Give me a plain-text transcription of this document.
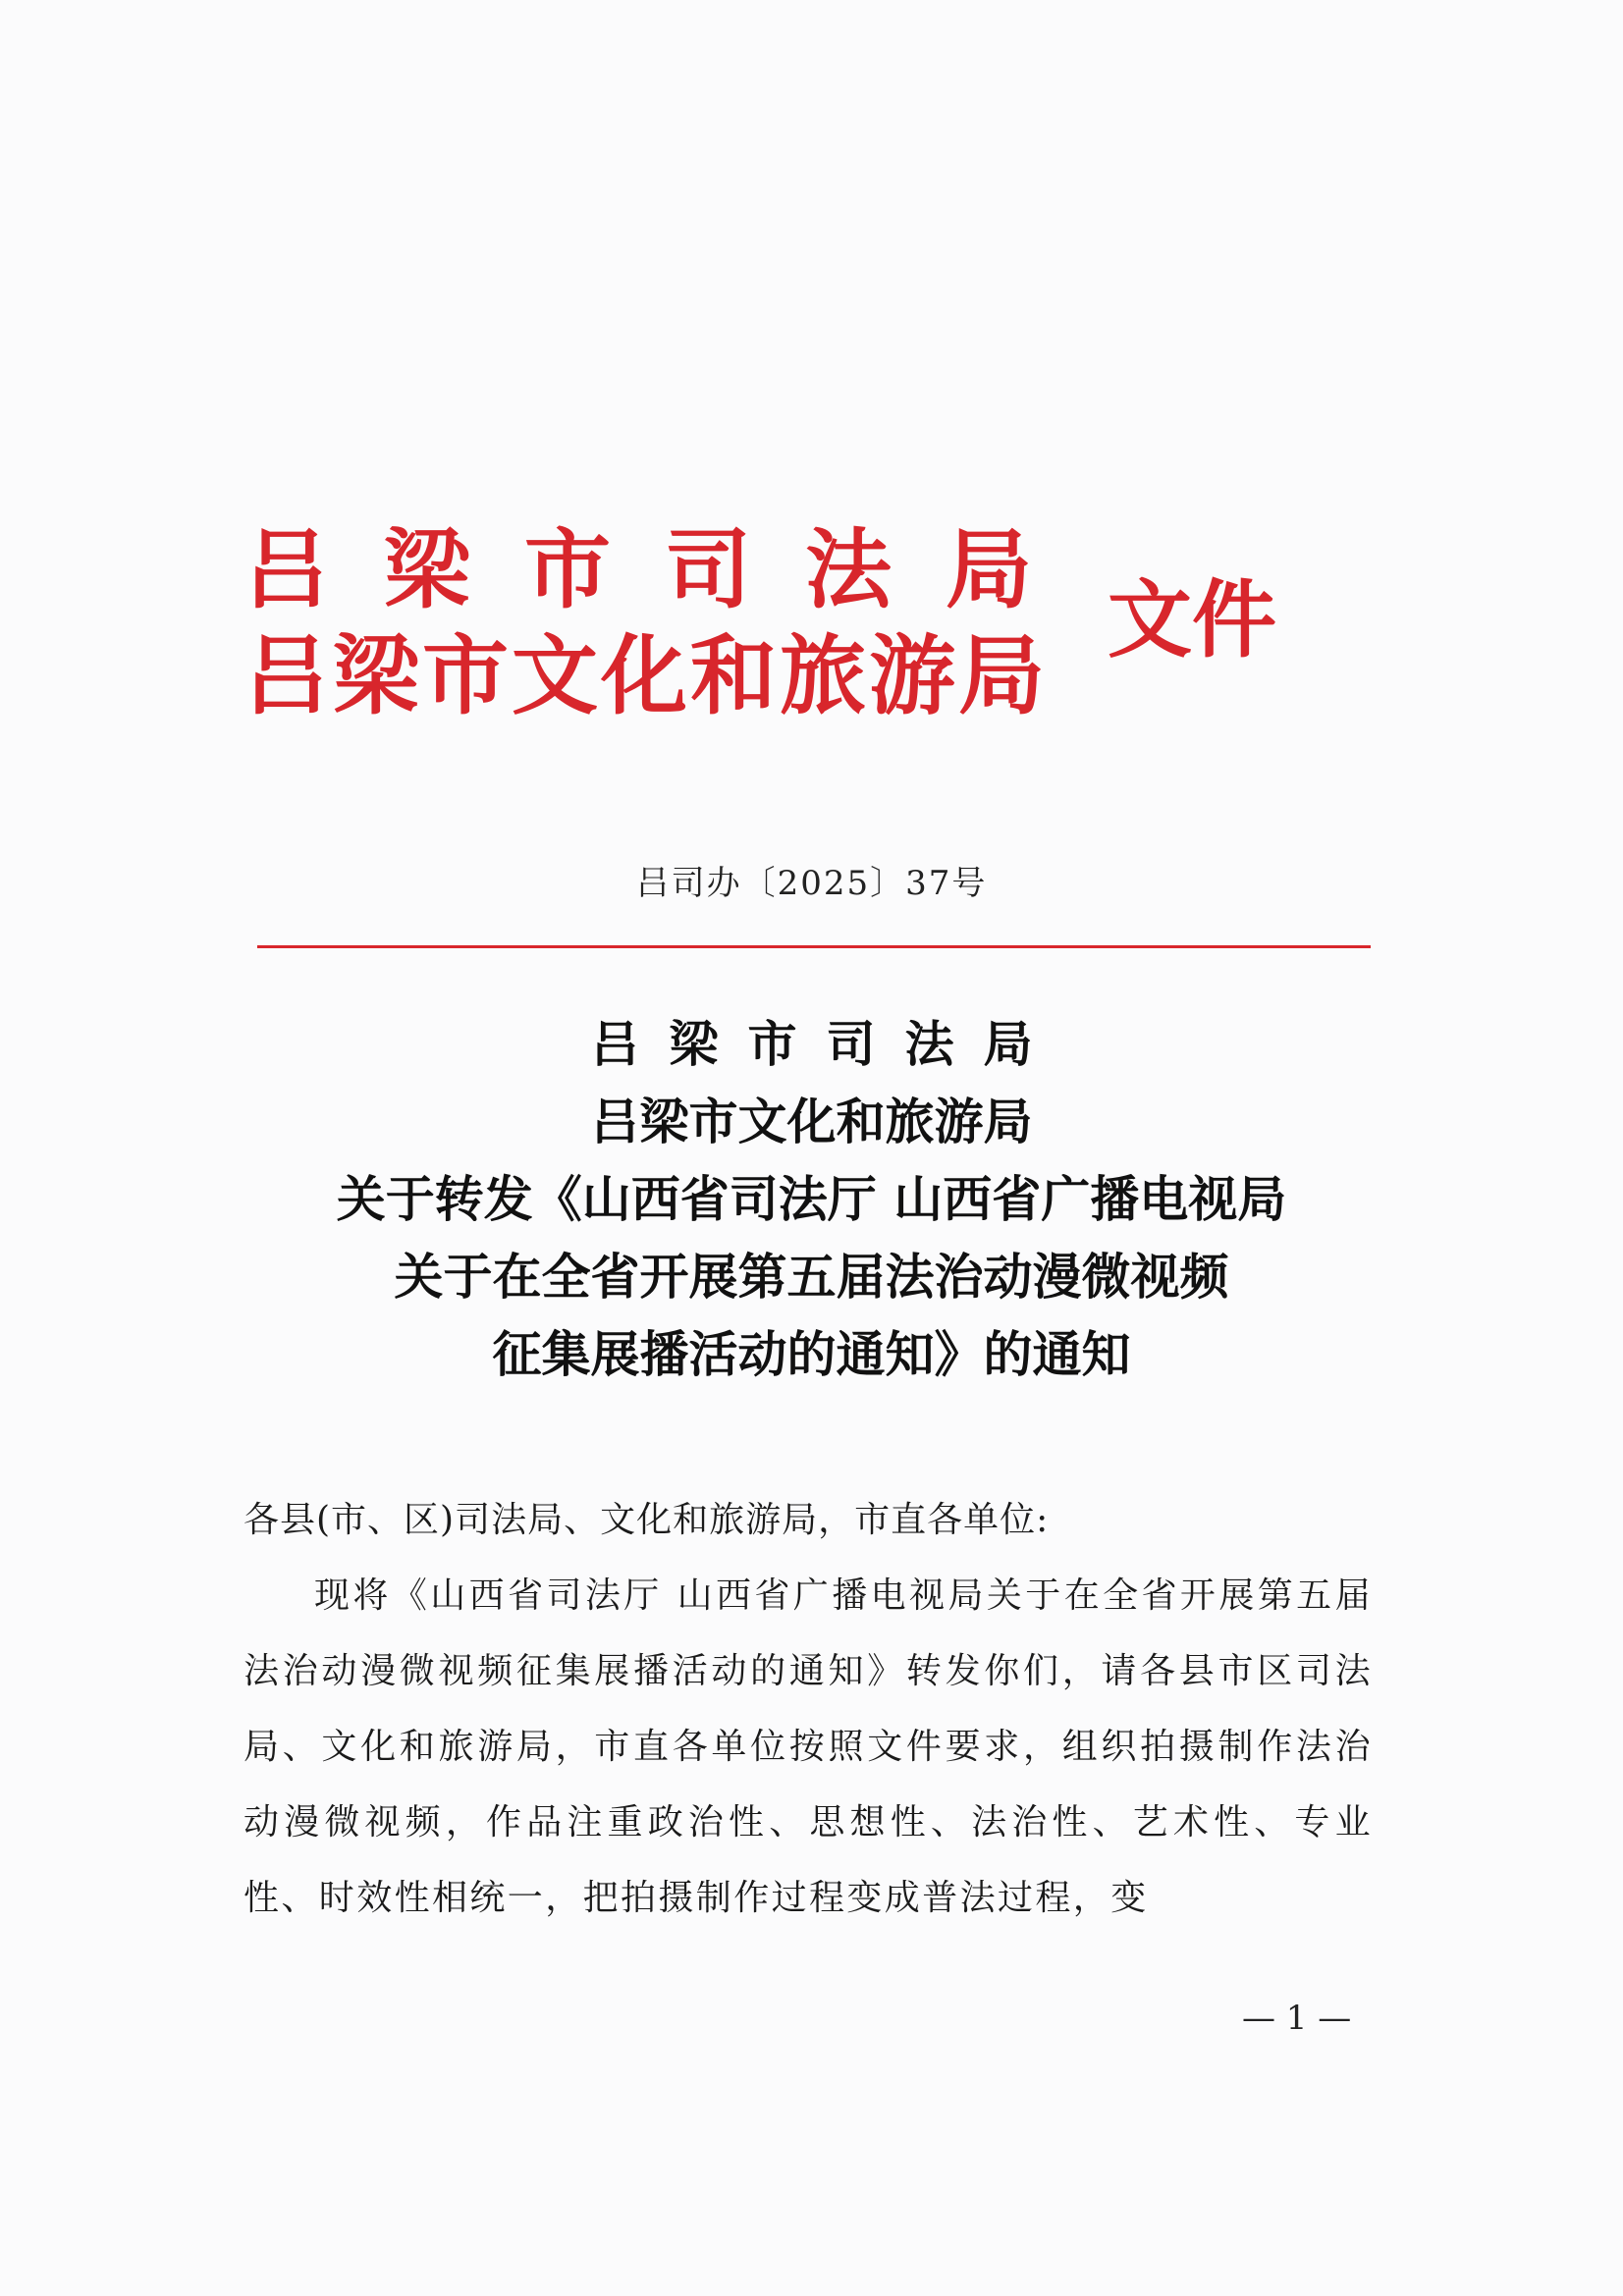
吕梁市司法局
吕梁市文化和旅游局
文件
吕司办〔2025〕37号
吕梁市司法局
吕梁市文化和旅游局
关于转发《山西省司法厅 山西省广播电视局
关于在全省开展第五届法治动漫微视频
征集展播活动的通知》的通知
各县(市、区)司法局、文化和旅游局，市直各单位:

现将《山西省司法厅 山西省广播电视局关于在全省开展第五届法治动漫微视频征集展播活动的通知》转发你们，请各县市区司法局、文化和旅游局，市直各单位按照文件要求，组织拍摄制作法治动漫微视频，作品注重政治性、思想性、法治性、艺术性、专业性、时效性相统一，把拍摄制作过程变成普法过程，变

— 1 —
